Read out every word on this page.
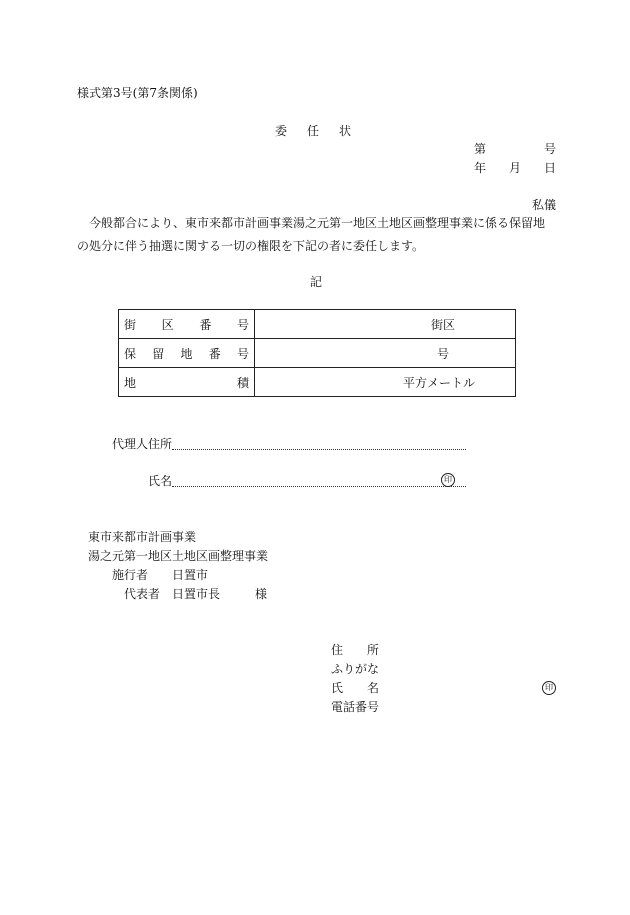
様式第3号(第7条関係)
委　任　状
第	号
年 月 日
私儀
今般都合により、東市来都市計画事業湯之元第一地区土地区画整理事業に係る保留地の処分に伴う抽選に関する一切の権限を下記の者に委任します。
記
街 区 番 号	街区

保 留 地 番 号	号

地 積	平方メートル
代理人住所
氏名	印
東市来都市計画事業
湯之元第一地区土地区画整理事業
施行者 日置市
代表者 日置市長	様
住　　所
ふりがな
氏　　名	印
電話番号
